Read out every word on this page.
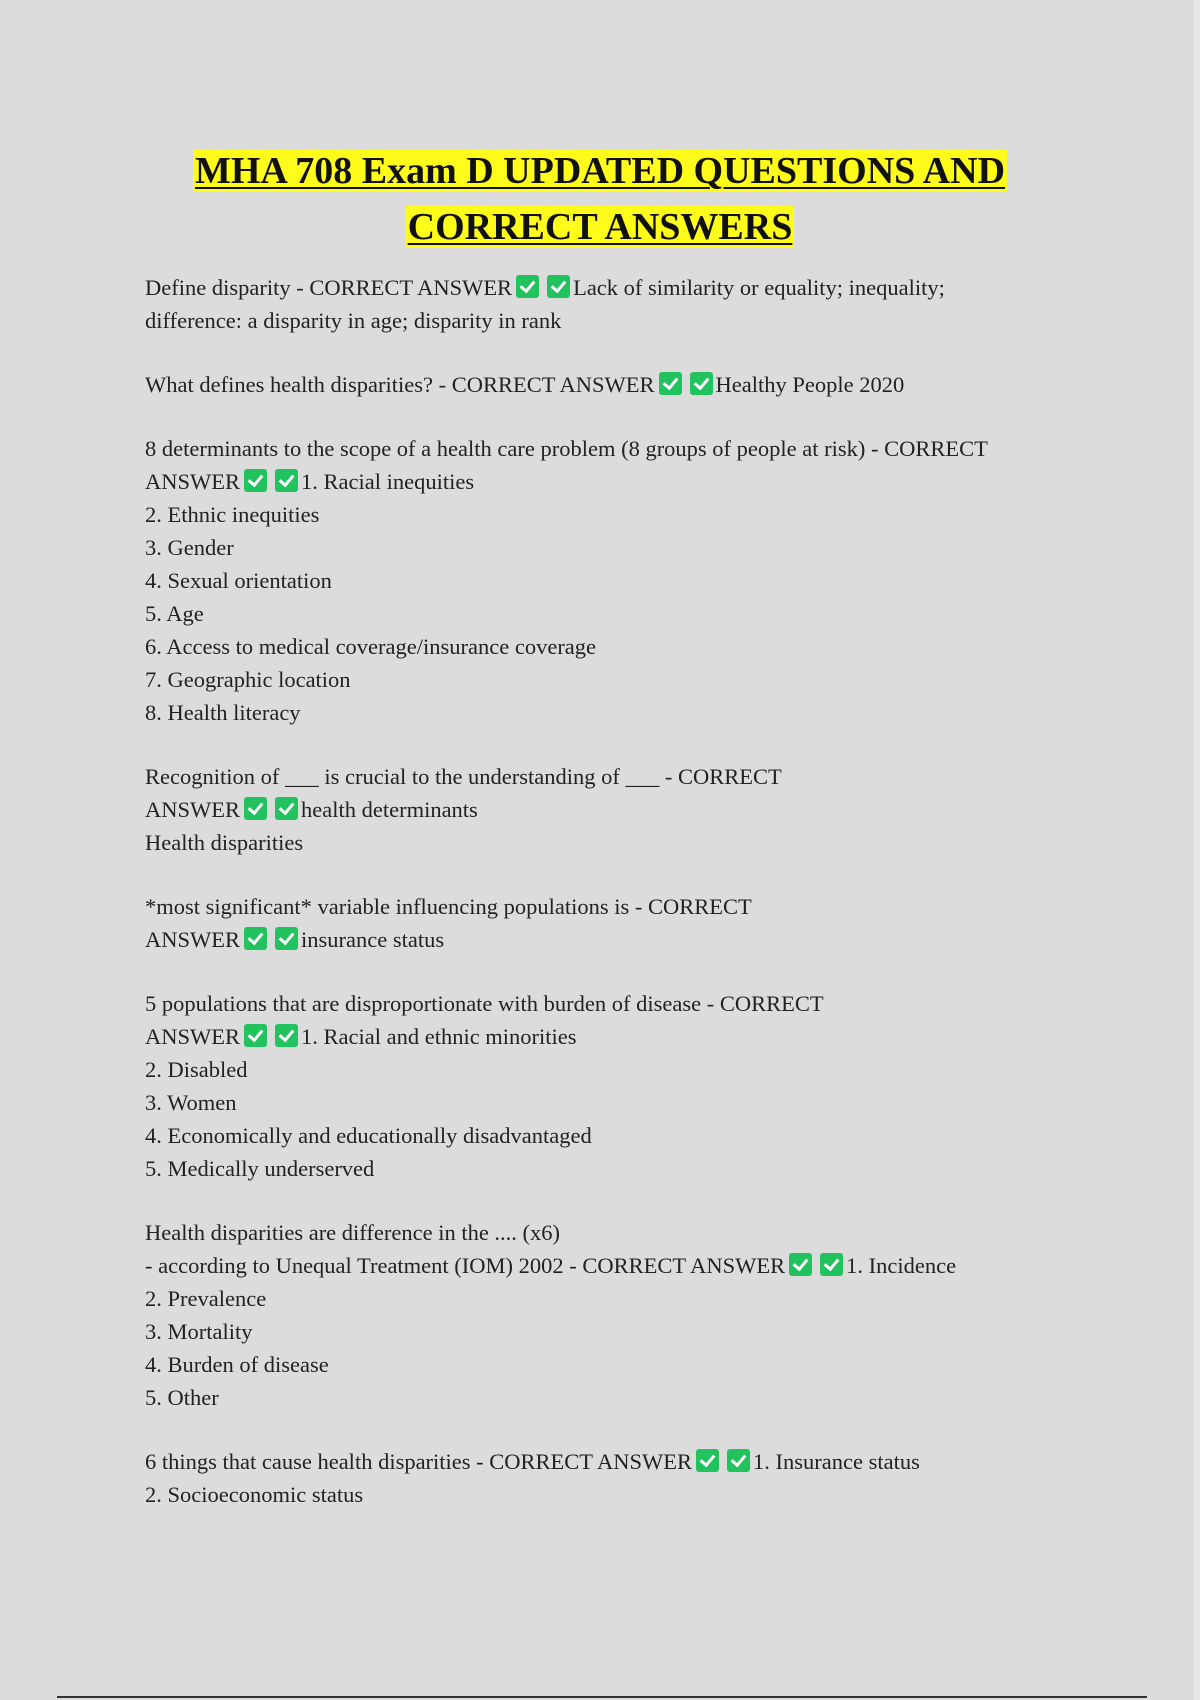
MHA 708 Exam D UPDATED QUESTIONS AND
CORRECT ANSWERS
Define disparity - CORRECT ANSWER	Lack of similarity or equality; inequality;
difference: a disparity in age; disparity in rank
What defines health disparities? - CORRECT ANSWER	Healthy People 2020
8 determinants to the scope of a health care problem (8 groups of people at risk) - CORRECT
ANSWER	1. Racial inequities
2. Ethnic inequities
3. Gender
4. Sexual orientation
5. Age
6. Access to medical coverage/insurance coverage
7. Geographic location
8. Health literacy
Recognition of ___ is crucial to the understanding of ___ - CORRECT
ANSWER	health determinants
Health disparities
*most significant* variable influencing populations is - CORRECT
ANSWER	insurance status
5 populations that are disproportionate with burden of disease - CORRECT
ANSWER	1. Racial and ethnic minorities
2. Disabled
3. Women
4. Economically and educationally disadvantaged
5. Medically underserved
Health disparities are difference in the .... (x6)
- according to Unequal Treatment (IOM) 2002 - CORRECT ANSWER	1. Incidence
2. Prevalence
3. Mortality
4. Burden of disease
5. Other
6 things that cause health disparities - CORRECT ANSWER	1. Insurance status
2. Socioeconomic status
